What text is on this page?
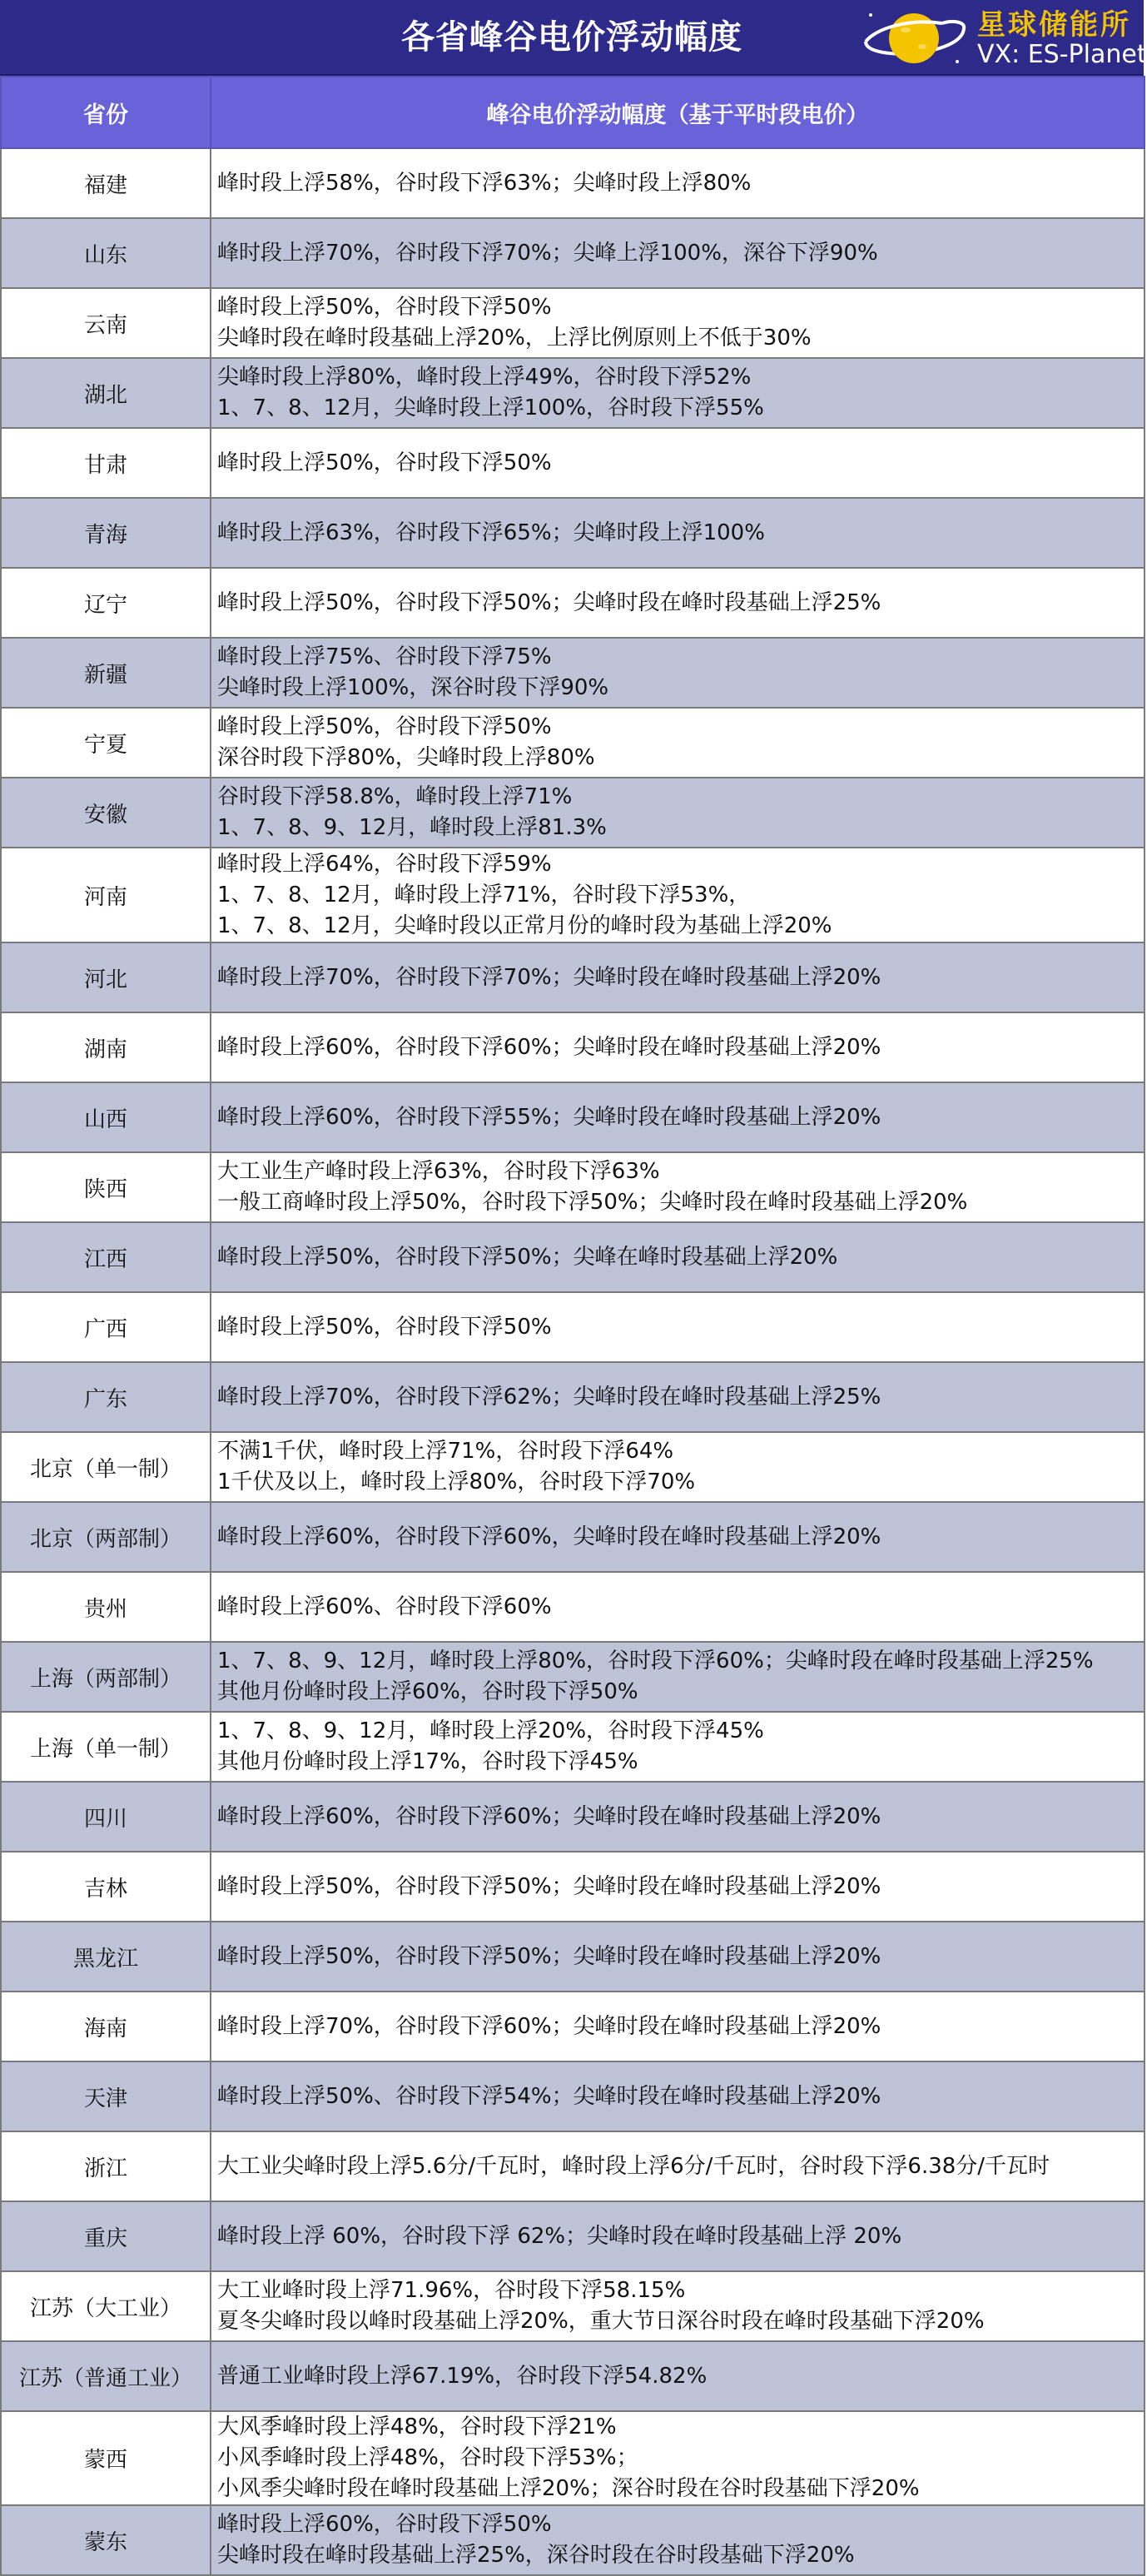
各省峰谷电价浮动幅度	星球储能所
VX: ES-Planet
省份	峰谷电价浮动幅度（基于平时段电价）
福建	峰时段上浮58%，谷时段下浮63%；尖峰时段上浮80%
山东	峰时段上浮70%，谷时段下浮70%；尖峰上浮100%，深谷下浮90%
云南	峰时段上浮50%，谷时段下浮50%
尖峰时段在峰时段基础上浮20%，上浮比例原则上不低于30%
湖北	尖峰时段上浮80%，峰时段上浮49%，谷时段下浮52%
1、7、8、12月，尖峰时段上浮100%，谷时段下浮55%
甘肃	峰时段上浮50%，谷时段下浮50%
青海	峰时段上浮63%，谷时段下浮65%；尖峰时段上浮100%
辽宁	峰时段上浮50%，谷时段下浮50%；尖峰时段在峰时段基础上浮25%
新疆	峰时段上浮75%、谷时段下浮75%
尖峰时段上浮100%，深谷时段下浮90%
宁夏	峰时段上浮50%，谷时段下浮50%
深谷时段下浮80%，尖峰时段上浮80%
安徽	谷时段下浮58.8%，峰时段上浮71%
1、7、8、9、12月，峰时段上浮81.3%
河南	峰时段上浮64%，谷时段下浮59%
1、7、8、12月，峰时段上浮71%，谷时段下浮53%，
1、7、8、12月，尖峰时段以正常月份的峰时段为基础上浮20%
河北	峰时段上浮70%，谷时段下浮70%；尖峰时段在峰时段基础上浮20%
湖南	峰时段上浮60%，谷时段下浮60%；尖峰时段在峰时段基础上浮20%
山西	峰时段上浮60%，谷时段下浮55%；尖峰时段在峰时段基础上浮20%
陕西	大工业生产峰时段上浮63%，谷时段下浮63%
一般工商峰时段上浮50%，谷时段下浮50%；尖峰时段在峰时段基础上浮20%
江西	峰时段上浮50%，谷时段下浮50%；尖峰在峰时段基础上浮20%
广西	峰时段上浮50%，谷时段下浮50%
广东	峰时段上浮70%，谷时段下浮62%；尖峰时段在峰时段基础上浮25%
北京（单一制）	不满1千伏，峰时段上浮71%，谷时段下浮64%
1千伏及以上，峰时段上浮80%，谷时段下浮70%
北京（两部制）	峰时段上浮60%，谷时段下浮60%，尖峰时段在峰时段基础上浮20%
贵州	峰时段上浮60%、谷时段下浮60%
上海（两部制）	1、7、8、9、12月，峰时段上浮80%，谷时段下浮60%；尖峰时段在峰时段基础上浮25%
其他月份峰时段上浮60%，谷时段下浮50%
上海（单一制）	1、7、8、9、12月，峰时段上浮20%，谷时段下浮45%
其他月份峰时段上浮17%，谷时段下浮45%
四川	峰时段上浮60%，谷时段下浮60%；尖峰时段在峰时段基础上浮20%
吉林	峰时段上浮50%，谷时段下浮50%；尖峰时段在峰时段基础上浮20%
黑龙江	峰时段上浮50%，谷时段下浮50%；尖峰时段在峰时段基础上浮20%
海南	峰时段上浮70%，谷时段下浮60%；尖峰时段在峰时段基础上浮20%
天津	峰时段上浮50%、谷时段下浮54%；尖峰时段在峰时段基础上浮20%
浙江	大工业尖峰时段上浮5.6分/千瓦时，峰时段上浮6分/千瓦时，谷时段下浮6.38分/千瓦时
重庆	峰时段上浮 60%，谷时段下浮 62%；尖峰时段在峰时段基础上浮 20%
江苏（大工业）	大工业峰时段上浮71.96%，谷时段下浮58.15%
夏冬尖峰时段以峰时段基础上浮20%，重大节日深谷时段在峰时段基础下浮20%
江苏（普通工业）	普通工业峰时段上浮67.19%，谷时段下浮54.82%
蒙西	大风季峰时段上浮48%，谷时段下浮21%
小风季峰时段上浮48%，谷时段下浮53%；
小风季尖峰时段在峰时段基础上浮20%；深谷时段在谷时段基础下浮20%
蒙东	峰时段上浮60%，谷时段下浮50%
尖峰时段在峰时段基础上浮25%，深谷时段在谷时段基础下浮20%
